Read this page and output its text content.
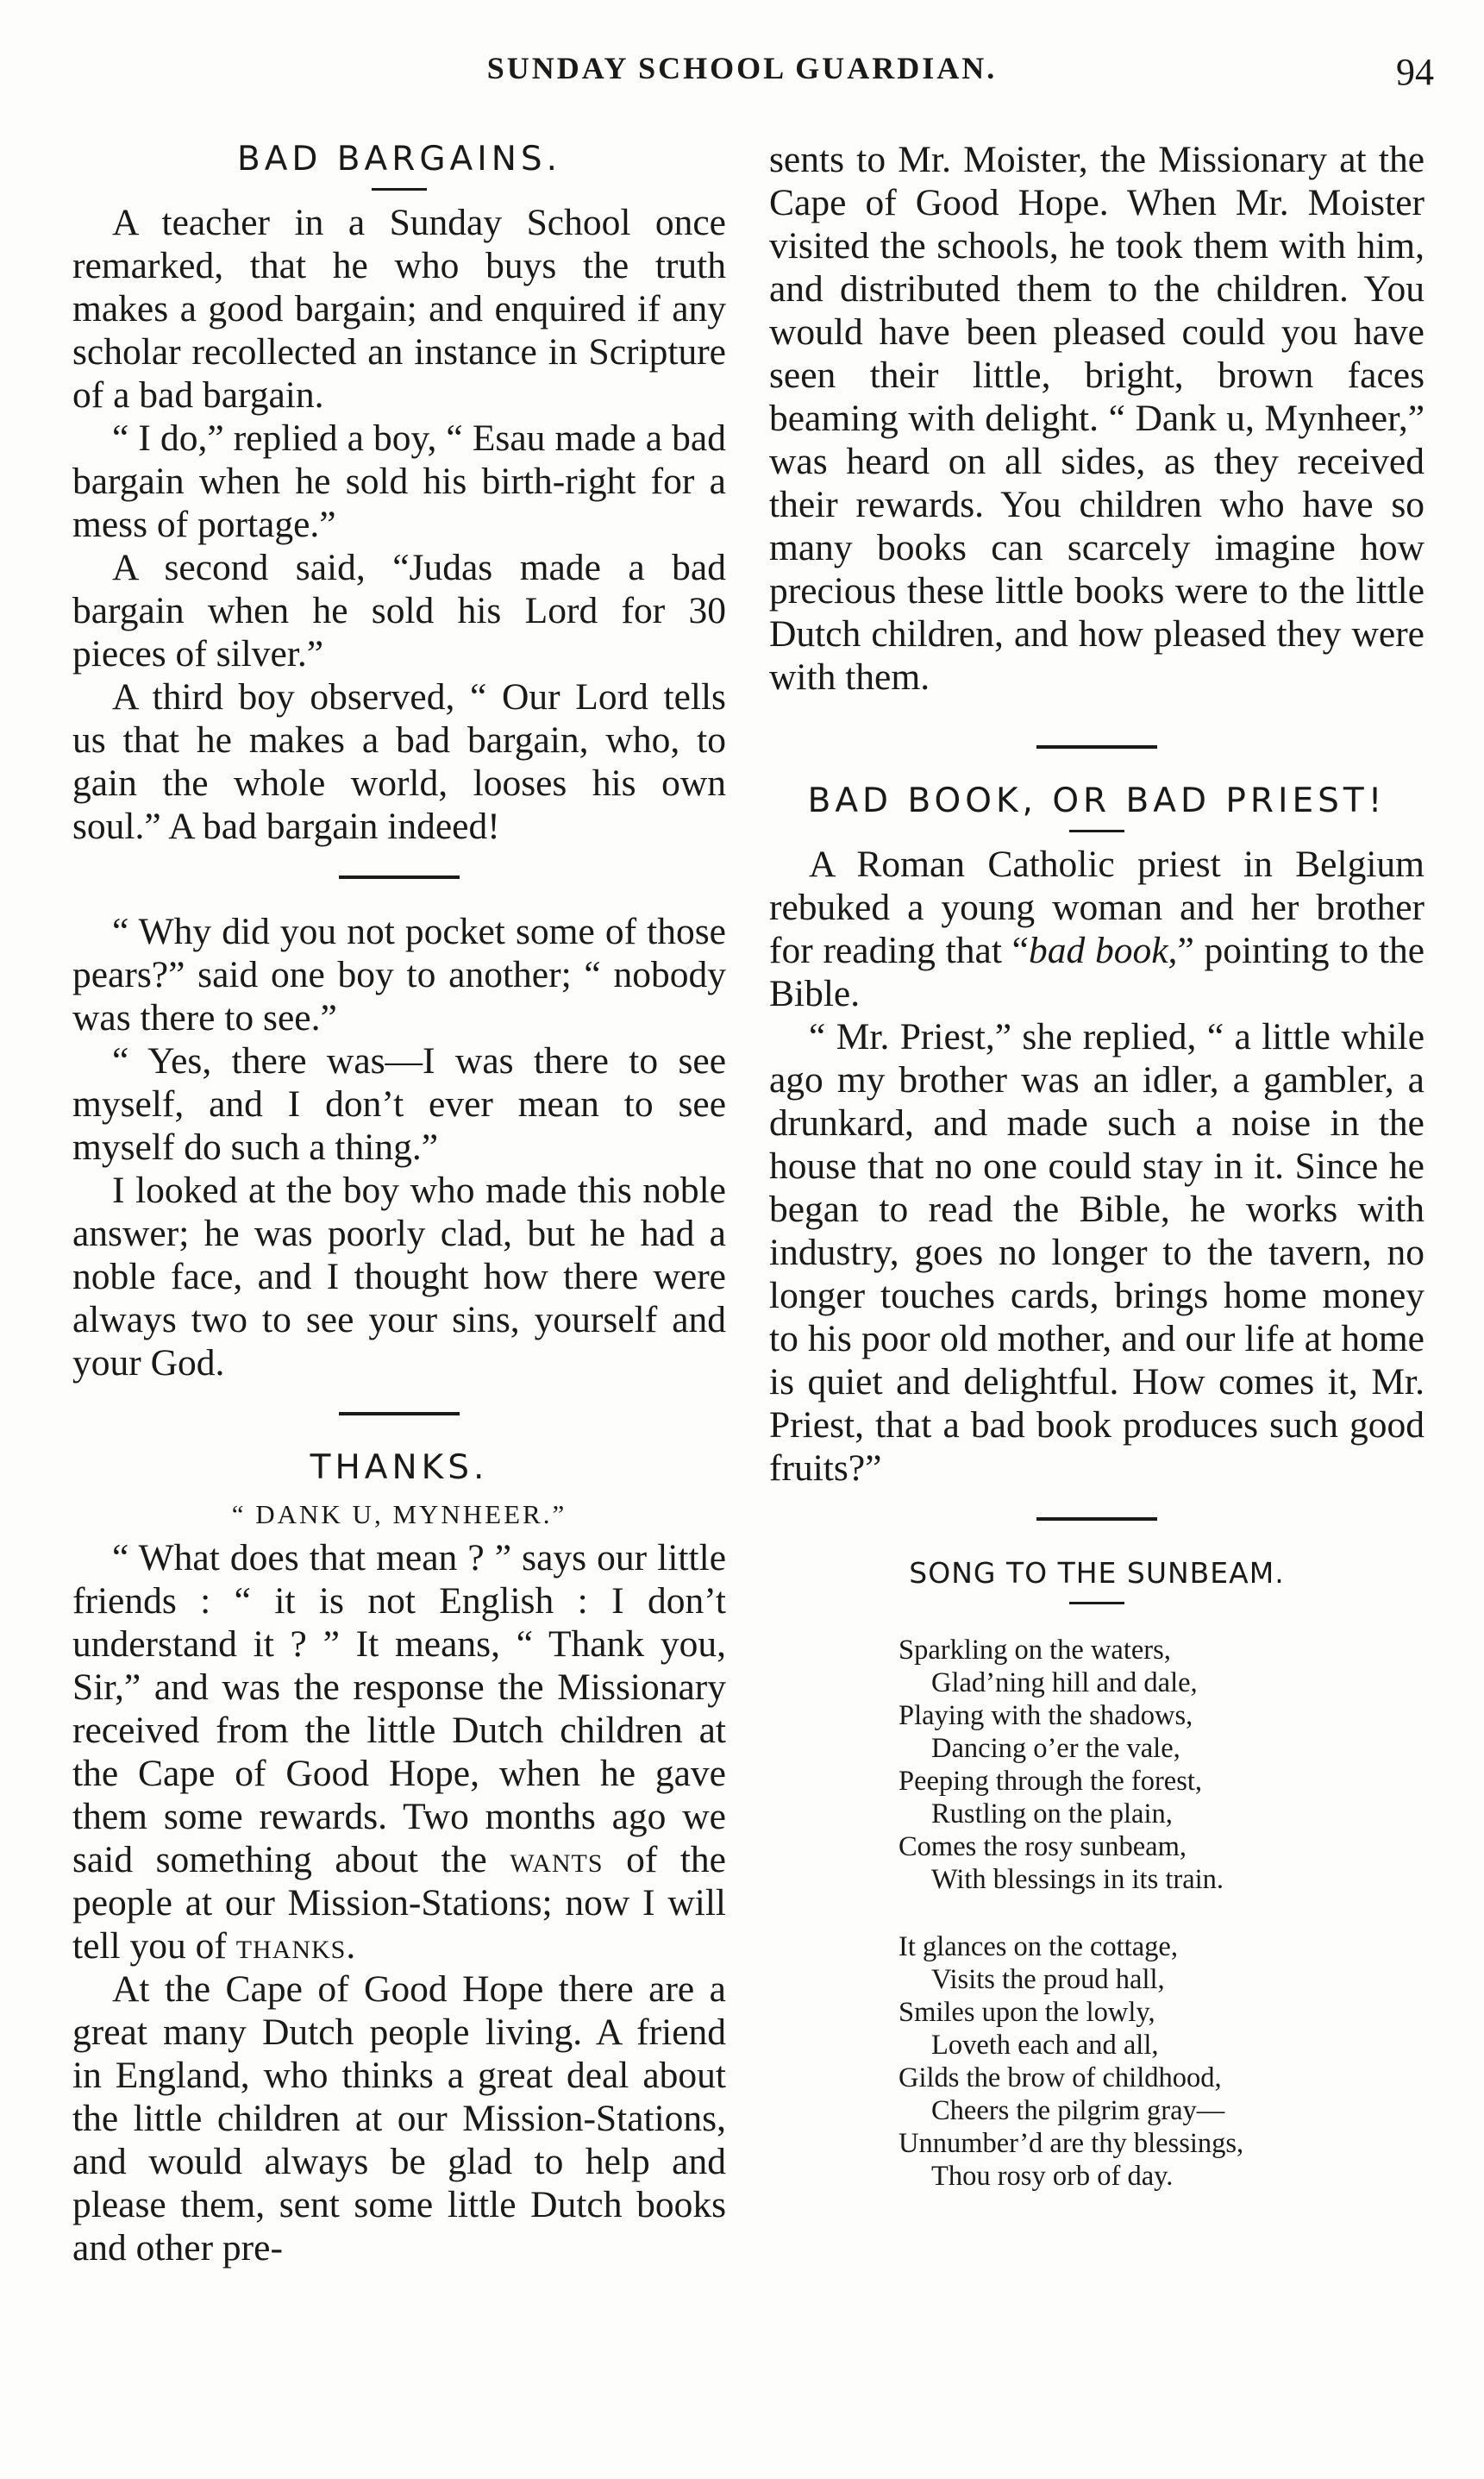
SUNDAY SCHOOL GUARDIAN.	94
BAD BARGAINS.

A teacher in a Sunday School once remarked, that he who buys the truth makes a good bargain; and enquired if any scholar recollected an instance in Scripture of a bad bargain.

“ I do,” replied a boy, “ Esau made a bad bargain when he sold his birth-right for a mess of portage.”

A second said, “Judas made a bad bargain when he sold his Lord for 30 pieces of silver.”

A third boy observed, “ Our Lord tells us that he makes a bad bargain, who, to gain the whole world, looses his own soul.” A bad bargain indeed!

“ Why did you not pocket some of those pears?” said one boy to another; “ nobody was there to see.”

“ Yes, there was—I was there to see myself, and I don’t ever mean to see myself do such a thing.”

I looked at the boy who made this noble answer; he was poorly clad, but he had a noble face, and I thought how there were always two to see your sins, yourself and your God.

THANKS.
“ DANK U, MYNHEER.”

“ What does that mean ? ” says our little friends : “ it is not English : I don’t understand it ? ” It means, “ Thank you, Sir,” and was the response the Missionary received from the little Dutch children at the Cape of Good Hope, when he gave them some rewards. Two months ago we said something about the wants of the people at our Mission-Stations; now I will tell you of thanks.

At the Cape of Good Hope there are a great many Dutch people living. A friend in England, who thinks a great deal about the little children at our Mission-Stations, and would always be glad to help and please them, sent some little Dutch books and other pre-

sents to Mr. Moister, the Missionary at the Cape of Good Hope. When Mr. Moister visited the schools, he took them with him, and distributed them to the children. You would have been pleased could you have seen their little, bright, brown faces beaming with delight. “ Dank u, Mynheer,” was heard on all sides, as they received their rewards. You children who have so many books can scarcely imagine how precious these little books were to the little Dutch children, and how pleased they were with them.

BAD BOOK, OR BAD PRIEST!

A Roman Catholic priest in Belgium rebuked a young woman and her brother for reading that “bad book,” pointing to the Bible.

“ Mr. Priest,” she replied, “ a little while ago my brother was an idler, a gambler, a drunkard, and made such a noise in the house that no one could stay in it. Since he began to read the Bible, he works with industry, goes no longer to the tavern, no longer touches cards, brings home money to his poor old mother, and our life at home is quiet and delightful. How comes it, Mr. Priest, that a bad book produces such good fruits?”

SONG TO THE SUNBEAM.
Sparkling on the waters,
Glad’ning hill and dale,
Playing with the shadows,
Dancing o’er the vale,
Peeping through the forest,
Rustling on the plain,
Comes the rosy sunbeam,
With blessings in its train.
It glances on the cottage,
Visits the proud hall,
Smiles upon the lowly,
Loveth each and all,
Gilds the brow of childhood,
Cheers the pilgrim gray—
Unnumber’d are thy blessings,
Thou rosy orb of day.
